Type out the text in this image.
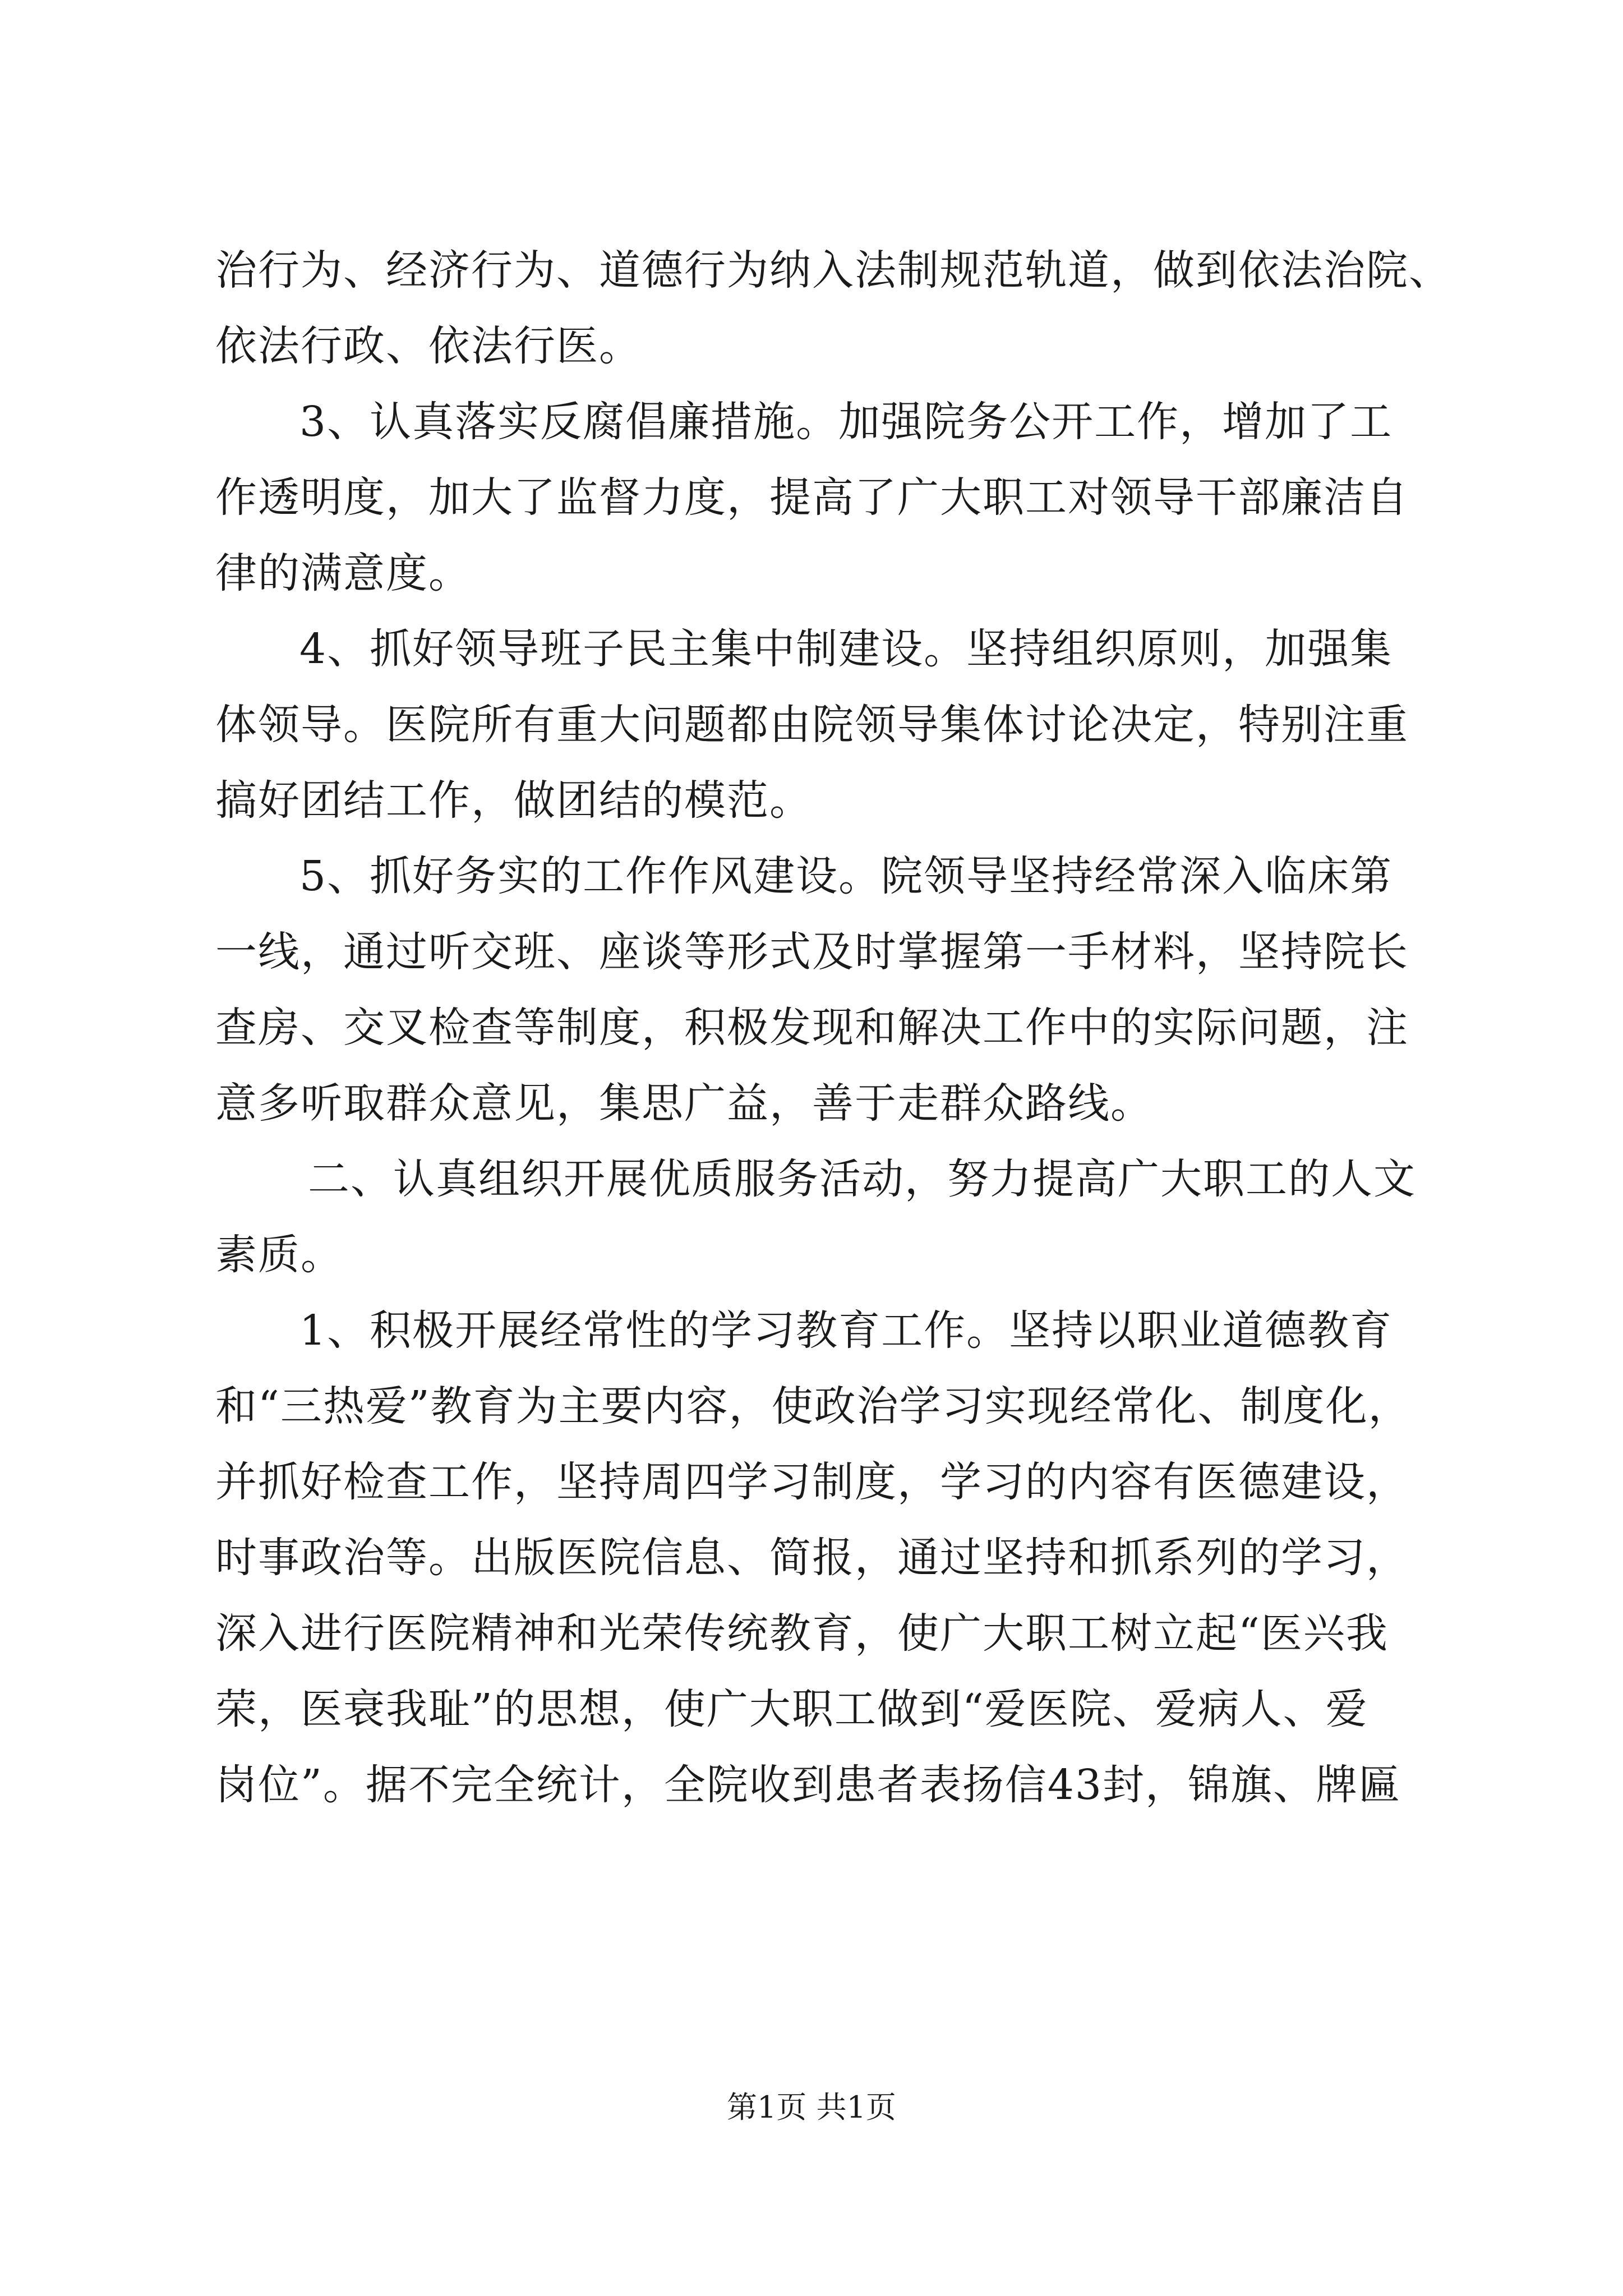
治行为、经济行为、道德行为纳入法制规范轨道，做到依法治院、
依法行政、依法行医。
3、认真落实反腐倡廉措施。加强院务公开工作，增加了工
作透明度，加大了监督力度，提高了广大职工对领导干部廉洁自
律的满意度。
4、抓好领导班子民主集中制建设。坚持组织原则，加强集
体领导。医院所有重大问题都由院领导集体讨论决定，特别注重
搞好团结工作，做团结的模范。
5、抓好务实的工作作风建设。院领导坚持经常深入临床第
一线，通过听交班、座谈等形式及时掌握第一手材料，坚持院长
查房、交叉检查等制度，积极发现和解决工作中的实际问题，注
意多听取群众意见，集思广益，善于走群众路线。
二、认真组织开展优质服务活动，努力提高广大职工的人文
素质。
1、积极开展经常性的学习教育工作。坚持以职业道德教育
和“三热爱”教育为主要内容，使政治学习实现经常化、制度化，
并抓好检查工作，坚持周四学习制度，学习的内容有医德建设，
时事政治等。出版医院信息、简报，通过坚持和抓系列的学习，
深入进行医院精神和光荣传统教育，使广大职工树立起“医兴我
荣，医衰我耻”的思想，使广大职工做到“爱医院、爱病人、爱
岗位”。据不完全统计，全院收到患者表扬信43封，锦旗、牌匾
第1页 共1页
